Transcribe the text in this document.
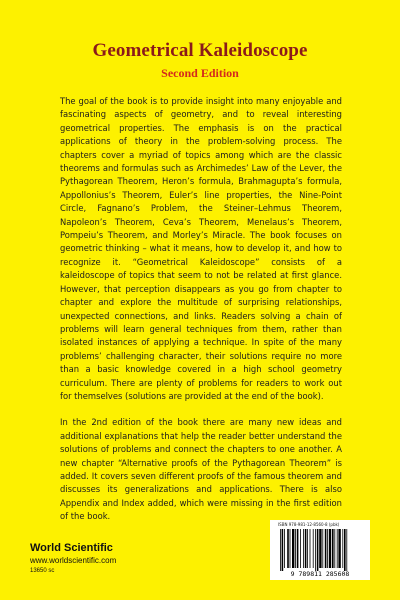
Geometrical Kaleidoscope
Second Edition

The goal of the book is to provide insight into many enjoyable and fascinating aspects of geometry, and to reveal interesting geometrical properties. The emphasis is on the practical applications of theory in the problem-solving process. The chapters cover a myriad of topics among which are the classic theorems and formulas such as Archimedes’ Law of the Lever, the Pythagorean Theorem, Heron’s formula, Brahmagupta’s formula, Appollonius’s Theorem, Euler’s line properties, the Nine-Point Circle, Fagnano’s Problem, the Steiner–Lehmus Theorem, Napoleon’s Theorem, Ceva’s Theorem, Menelaus’s Theorem, Pompeiu’s Theorem, and Morley’s Miracle. The book focuses on geometric thinking – what it means, how to develop it, and how to recognize it. “Geometrical Kaleidoscope” consists of a kaleidoscope of topics that seem to not be related at first glance. However, that perception disappears as you go from chapter to chapter and explore the multitude of surprising relationships, unexpected connections, and links. Readers solving a chain of problems will learn general techniques from them, rather than isolated instances of applying a technique. In spite of the many problems’ challenging character, their solutions require no more than a basic knowledge covered in a high school geometry curriculum. There are plenty of problems for readers to work out for themselves (solutions are provided at the end of the book).

In the 2nd edition of the book there are many new ideas and additional explanations that help the reader better understand the solutions of problems and connect the chapters to one another. A new chapter “Alternative proofs of the Pythagorean Theorem” is added. It covers seven different proofs of the famous theorem and discusses its generalizations and applications. There is also Appendix and Index added, which were missing in the first edition of the book.

World Scientific
www.worldscientific.com
13650 sc
ISBN 978-981-12-8560-8 (pbk)
9 789811 285608
